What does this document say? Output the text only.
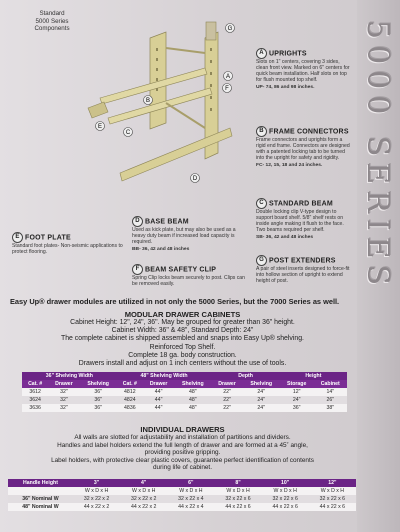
5000 SERIES
Standard
5000 Series
Components	G
A
F
B
C
D
E
A UPRIGHTS
Slots on 1" centers, covering 3 sides, clean front view. Marked on 6" centers for quick beam installation. Half slots on top for flush mounted top shelf.
UP- 74, 86 and 98 inches.
B FRAME CONNECTORS
Frame connectors and uprights form a rigid end frame. Connectors are designed with a patented locking tab to be turned into the upright for safety and rigidity.
FC- 12, 15, 18 and 24 inches.
C STANDARD BEAM
Double locking clip V-type design to support board shelf. 5/8" shelf rests on inside angle making it flush to the face. Two beams required per shelf.
SB- 36, 42 and 48 inches
G POST EXTENDERS
A pair of steel inserts designed to force-fit into hollow section of upright to extend height of post.
D BASE BEAM
Used as kick plate, but may also be used as a heavy duty beam if increased load capacity is required.
BB- 36, 42 and 48 inches
F BEAM SAFETY CLIP
Spring Clip locks beam securely to post. Clips can be removed easily.
E FOOT PLATE
Standard foot plates- Non-seismic applications to protect flooring.
Easy Up® drawer modules are utilized in not only the 5000 Series, but the 7000 Series as well.
MODULAR DRAWER CABINETS
Cabinet Height: 12", 24", 36". May be grouped for greater than 36" height.
Cabinet Width: 36" & 48", Standard Depth: 24"
The complete cabinet is shipped assembled and snaps into Easy Up® shelving.
Reinforced Top Shelf.
Complete 18 ga. body construction.
Drawers install and adjust on 1 inch centers without the use of tools.
36" Shelving Width			48" Shelving Width			Depth		Height	
Cat. #	Drawer	Shelving	Cat. #	Drawer	Shelving	Drawer	Shelving	Storage	Cabinet
3612	32"	36"	4812	44"	48"	22"	24"	12"	14"
3624	32"	36"	4824	44"	48"	22"	24"	24"	26"
3636	32"	36"	4836	44"	48"	22"	24"	36"	38"
INDIVIDUAL DRAWERS
All walls are slotted for adjustability and installation of partitions and dividers.
Handles and label holders extend the full length of drawer and are formed at a 45˚ angle,
providing positive gripping.
Label holders, with protective clear plastic covers, guarantee perfect identification of contents
during life of cabinet.
Handle Height	3"	4"	6"	8"	10"	12"
	W x D x H	W x D x H	W x D x H	W x D x H	W x D x H	W x D x H
36" Nominal W	32 x 22 x 2	32 x 22 x 2	32 x 22 x 4	32 x 22 x 6	32 x 22 x 6	32 x 22 x 6
48" Nominal W	44 x 22 x 2	44 x 22 x 2	44 x 22 x 4	44 x 22 x 6	44 x 22 x 6	44 x 22 x 6
